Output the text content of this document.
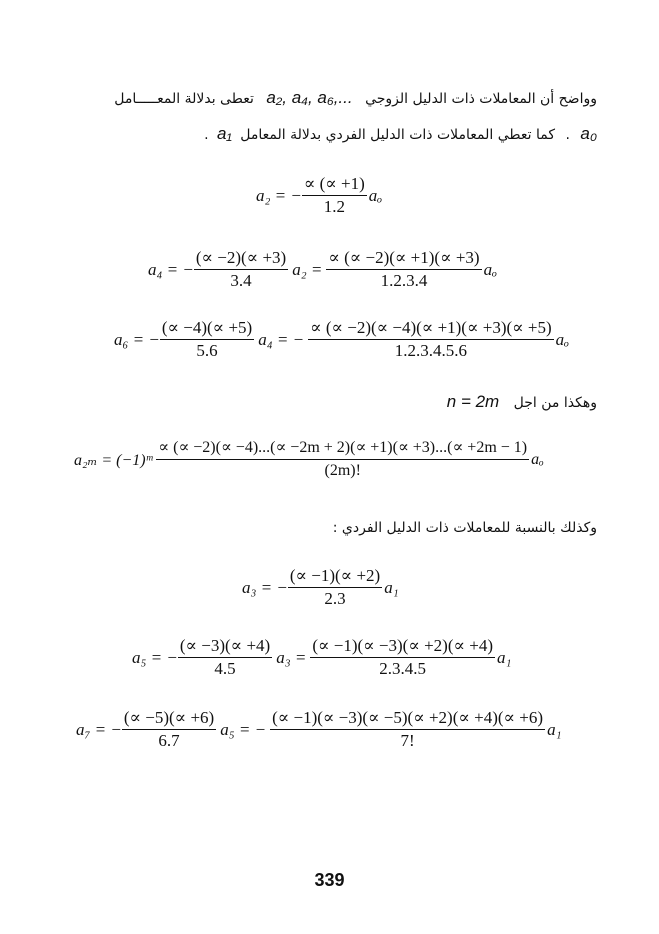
وواضح أن المعاملات ذات الدليل الزوجي a₂, a₄, a₆,... تعطى بدلالة المعـــــامل
a₀ . كما تعطي المعاملات ذات الدليل الفردي بدلالة المعامل a₁ .
a₂ = − $\frac{\propto (\propto +1)}{1.2}$ aₒ
a₄ = − $\frac{(\propto -2)(\propto +3)}{3.4} a_2 = \frac{\propto (\propto -2)(\propto +1)(\propto +3)}{1.2.3.4}$ aₒ
a₆ = − $\frac{(\propto -4)(\propto +5)}{5.6} a_4$ = − $\frac{\propto (\propto -2)(\propto -4)(\propto +1)(\propto +3)(\propto +5)}{1.2.3.4.5.6}$ aₒ
وهكذا من اجل n = 2m
a₂ₘ = (−1)ᵐ $\frac{\propto (\propto -2)(\propto -4)...(\propto -2m + 2)(\propto +1)(\propto +3)...(\propto +2m - 1)}{(2m)!}$ aₒ
وكذلك بالنسبة للمعاملات ذات الدليل الفردي :
a₃ = − $\frac{(\propto -1)(\propto +2)}{2.3} a_1$
a₅ = − $\frac{(\propto -3)(\propto +4)}{4.5} a_3 = \frac{(\propto -1)(\propto -3)(\propto +2)(\propto +4)}{2.3.4.5} a_1$
a₇ = − $\frac{(\propto -5)(\propto +6)}{6.7} a_5$ = − $\frac{(\propto -1)(\propto -3)(\propto -5)(\propto +2)(\propto +4)(\propto +6)}{7!} a_1$
339
